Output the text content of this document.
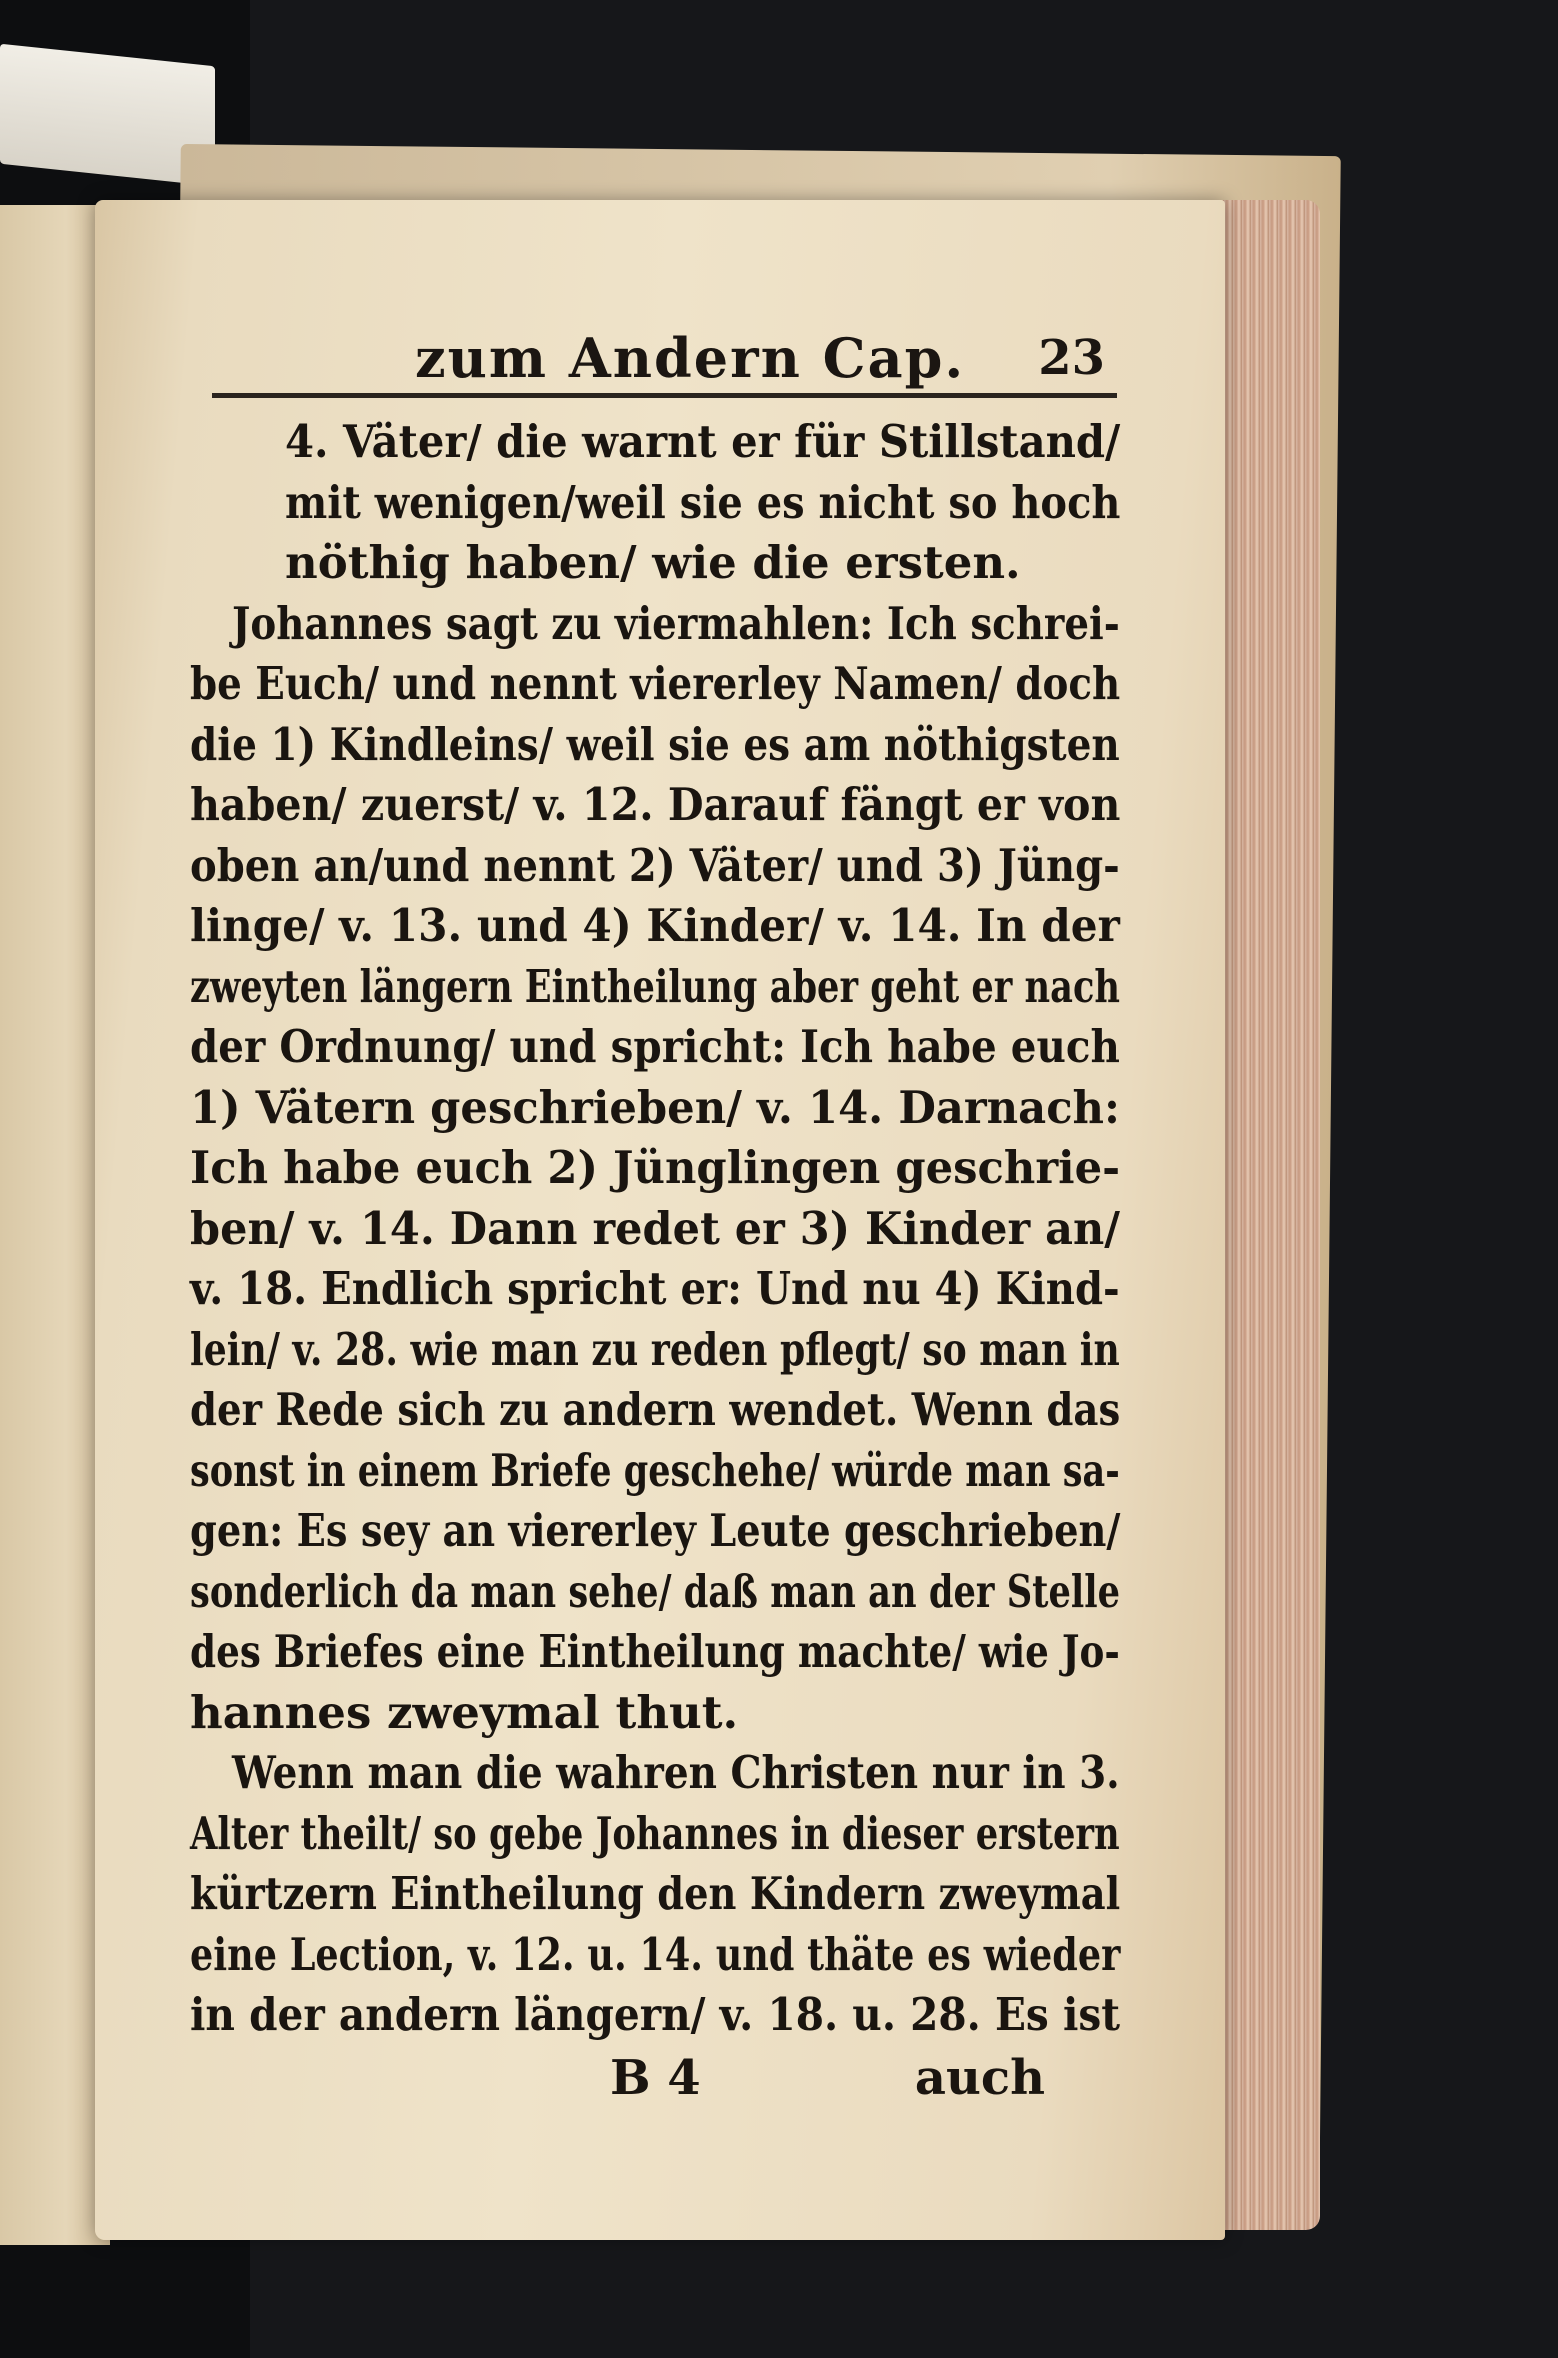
zum Andern Cap. 23
4. Väter/ die warnt er für Stillstand/
mit wenigen/weil sie es nicht so hoch
nöthig haben/ wie die ersten.
Johannes sagt zu viermahlen: Ich schrei-
be Euch/ und nennt viererley Namen/ doch
die 1) Kindleins/ weil sie es am nöthigsten
haben/ zuerst/ v. 12. Darauf fängt er von
oben an/und nennt 2) Väter/ und 3) Jüng-
linge/ v. 13. und 4) Kinder/ v. 14. In der
zweyten längern Eintheilung aber geht er nach
der Ordnung/ und spricht: Ich habe euch
1) Vätern geschrieben/ v. 14. Darnach:
Ich habe euch 2) Jünglingen geschrie-
ben/ v. 14. Dann redet er 3) Kinder an/
v. 18. Endlich spricht er: Und nu 4) Kind-
lein/ v. 28. wie man zu reden pflegt/ so man in
der Rede sich zu andern wendet. Wenn das
sonst in einem Briefe geschehe/ würde man sa-
gen: Es sey an viererley Leute geschrieben/
sonderlich da man sehe/ daß man an der Stelle
des Briefes eine Eintheilung machte/ wie Jo-
hannes zweymal thut.
Wenn man die wahren Christen nur in 3.
Alter theilt/ so gebe Johannes in dieser erstern
kürtzern Eintheilung den Kindern zweymal
eine Lection, v. 12. u. 14. und thäte es wieder
in der andern längern/ v. 18. u. 28. Es ist
B 4	auch
